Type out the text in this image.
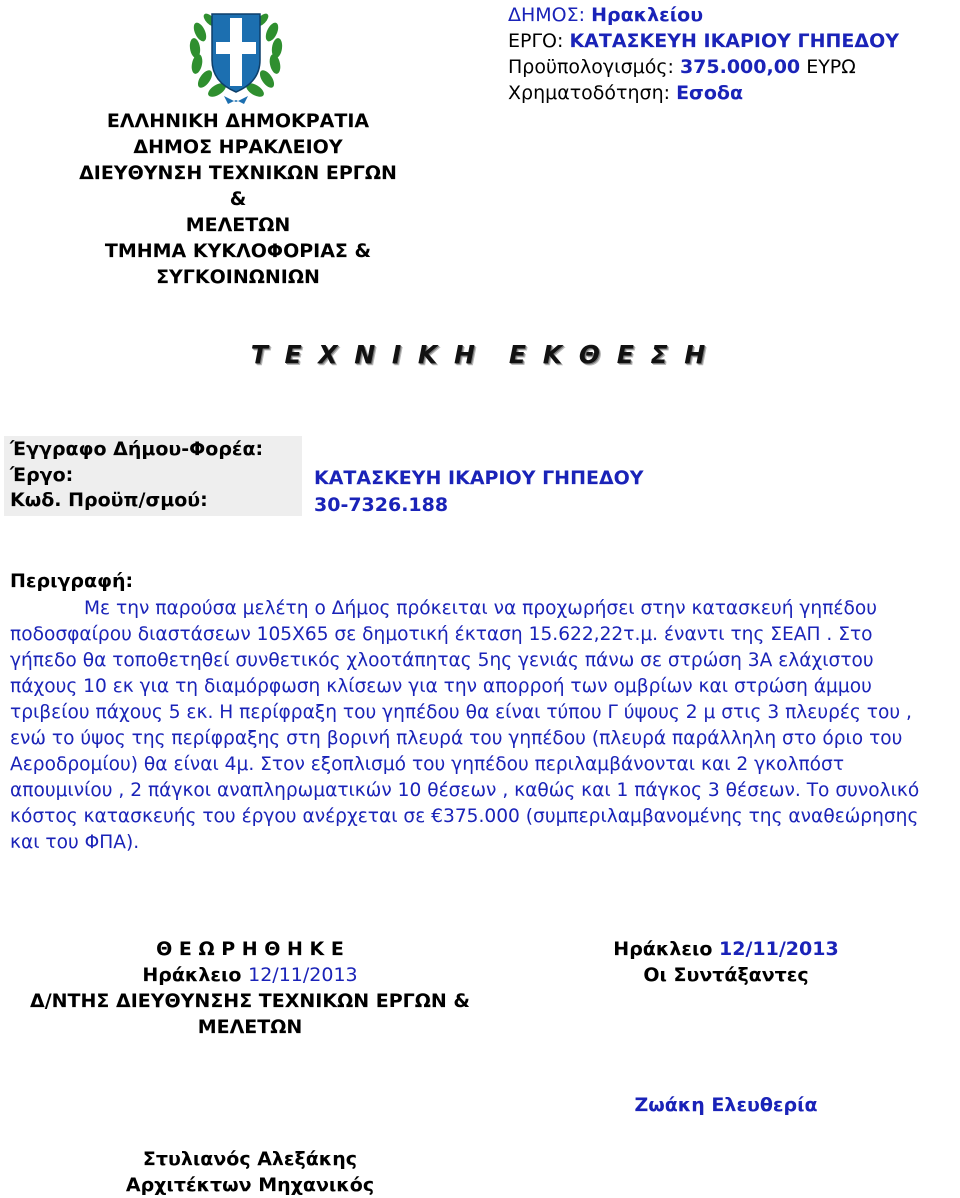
ΕΛΛΗΝΙΚΗ ΔΗΜΟΚΡΑΤΙΑ
ΔΗΜΟΣ ΗΡΑΚΛΕΙΟΥ
ΔΙΕΥΘΥΝΣΗ ΤΕΧΝΙΚΩΝ ΕΡΓΩΝ &
ΜΕΛΕΤΩΝ
ΤΜΗΜΑ ΚΥΚΛΟΦΟΡΙΑΣ &
ΣΥΓΚΟΙΝΩΝΙΩΝ
ΔΗΜΟΣ: Ηρακλείου
ΕΡΓΟ: ΚΑΤΑΣΚΕΥΗ ΙΚΑΡΙΟΥ ΓΗΠΕΔΟΥ
Προϋπολογισμός: 375.000,00 ΕΥΡΩ
Χρηματοδότηση: Εσοδα
Τ Ε Χ Ν Ι Κ Η Ε Κ Θ Ε Σ Η
Έγγραφο Δήμου-Φορέα:
Έργο:
Κωδ. Προϋπ/σμού:
ΚΑΤΑΣΚΕΥΗ ΙΚΑΡΙΟΥ ΓΗΠΕΔΟΥ
30-7326.188
Περιγραφή:

Με την παρούσα μελέτη ο Δήμος πρόκειται να προχωρήσει στην κατασκευή γηπέδου ποδοσφαίρου διαστάσεων 105Χ65 σε δημοτική έκταση 15.622,22τ.μ. έναντι της ΣΕΑΠ . Στο γήπεδο θα τοποθετηθεί συνθετικός χλοοτάπητας 5ης γενιάς πάνω σε στρώση 3Α ελάχιστου πάχους 10 εκ για τη διαμόρφωση κλίσεων για την απορροή των ομβρίων και στρώση άμμου τριβείου πάχους 5 εκ. Η περίφραξη του γηπέδου θα είναι τύπου Γ ύψους 2 μ στις 3 πλευρές του , ενώ το ύψος της περίφραξης στη βορινή πλευρά του γηπέδου (πλευρά παράλληλη στο όριο του Αεροδρομίου) θα είναι 4μ. Στον εξοπλισμό του γηπέδου περιλαμβάνονται και 2 γκολπόστ απουμινίου , 2 πάγκοι αναπληρωματικών 10 θέσεων , καθώς και 1 πάγκος 3 θέσεων. Το συνολικό κόστος κατασκευής του έργου ανέρχεται σε €375.000 (συμπεριλαμβανομένης της αναθεώρησης και του ΦΠΑ).

Θ Ε Ω Ρ Η Θ Η Κ Ε
Ηράκλειο 12/11/2013
Δ/ΝΤΗΣ ΔΙΕΥΘΥΝΣΗΣ ΤΕΧΝΙΚΩΝ ΕΡΓΩΝ &
ΜΕΛΕΤΩΝ
Ηράκλειο 12/11/2013
Οι Συντάξαντες
Ζωάκη Ελευθερία
Στυλιανός Αλεξάκης
Αρχιτέκτων Μηχανικός
